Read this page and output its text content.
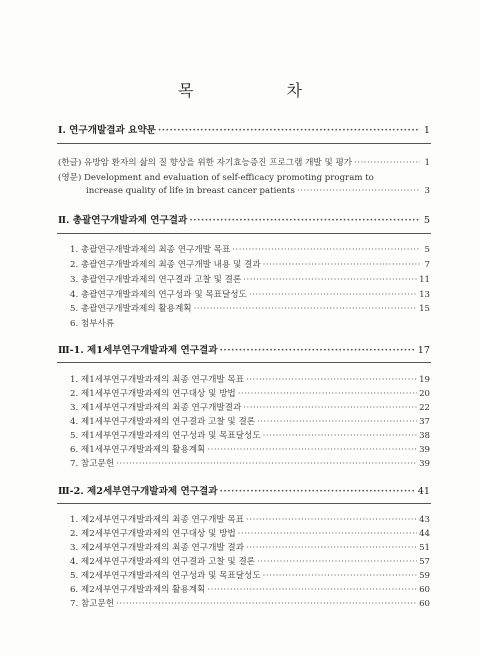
목 차
Ⅰ. 연구개발결과 요약문 ·····	1
(한글) 유방암 환자의 삶의 질 향상을 위한 자기효능증진 프로그램 개발 및 평가 ·····	1
(영문) Development and evaluation of self-efficacy promoting program to
increase quality of life in breast cancer patients ·····	3
Ⅱ. 총괄연구개발과제 연구결과 ·····	5
1. 총괄연구개발과제의 최종 연구개발 목표 ·····	5
2. 총괄연구개발과제의 최종 연구개발 내용 및 결과 ·····	7
3. 총괄연구개발과제의 연구결과 고찰 및 결론 ·····	11
4. 총괄연구개발과제의 연구성과 및 목표달성도 ·····	13
5. 총괄연구개발과제의 활용계획 ·····	15
6. 첨부사류
Ⅲ-1. 제1세부연구개발과제 연구결과 ·····	17
1. 제1세부연구개발과제의 최종 연구개발 목표 ·····	19
2. 제1세부연구개발과제의 연구대상 및 방법 ·····	20
3. 제1세부연구개발과제의 최종 연구개발결과 ·····	22
4. 제1세부연구개발과제의 연구결과 고찰 및 결론 ·····	37
5. 제1세부연구개발과제의 연구성과 및 목표달성도 ·····	38
6. 제1세부연구개발과제의 활용계획 ·····	39
7. 참고문헌 ·····	39
Ⅲ-2. 제2세부연구개발과제 연구결과 ·····	41
1. 제2세부연구개발과제의 최종 연구개발 목표 ·····	43
2. 제2세부연구개발과제의 연구대상 및 방법 ·····	44
3. 제2세부연구개발과제의 최종 연구개발 결과 ·····	51
4. 제2세부연구개발과제의 연구결과 고찰 및 결론 ·····	57
5. 제2세부연구개발과제의 연구성과 및 목표달성도 ·····	59
6. 제2세부연구개발과제의 활용계획 ·····	60
7. 참고문헌 ·····	60
